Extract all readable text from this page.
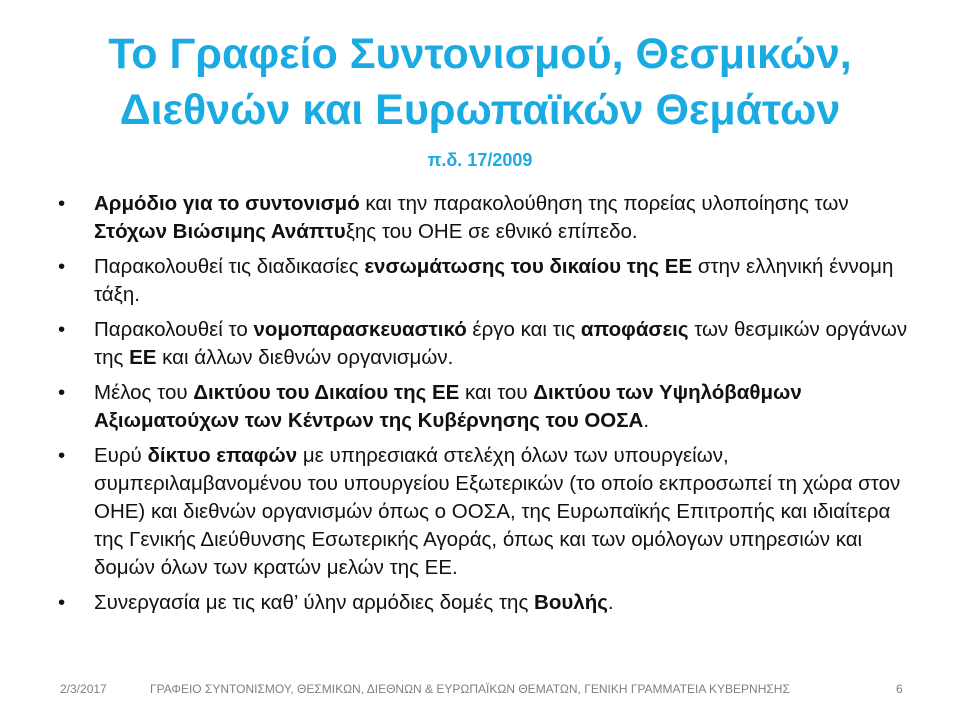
Το Γραφείο Συντονισμού, Θεσμικών,
Διεθνών και Ευρωπαϊκών Θεμάτων
π.δ. 17/2009
• Αρμόδιο για το συντονισμό και την παρακολούθηση της πορείας υλοποίησης των Στόχων Βιώσιμης Ανάπτυξης του ΟΗΕ σε εθνικό επίπεδο.
• Παρακολουθεί τις διαδικασίες ενσωμάτωσης του δικαίου της ΕΕ στην ελληνική έννομη τάξη.
• Παρακολουθεί το νομοπαρασκευαστικό έργο και τις αποφάσεις των θεσμικών οργάνων της ΕΕ και άλλων διεθνών οργανισμών.
• Μέλος του Δικτύου του Δικαίου της ΕΕ και του Δικτύου των Υψηλόβαθμων Αξιωματούχων των Κέντρων της Κυβέρνησης του ΟΟΣΑ.
• Ευρύ δίκτυο επαφών με υπηρεσιακά στελέχη όλων των υπουργείων, συμπεριλαμβανομένου του υπουργείου Εξωτερικών (το οποίο εκπροσωπεί τη χώρα στον ΟΗΕ) και διεθνών οργανισμών όπως ο ΟΟΣΑ, της Ευρωπαϊκής Επιτροπής και ιδιαίτερα της Γενικής Διεύθυνσης Εσωτερικής Αγοράς, όπως και των ομόλογων υπηρεσιών και δομών όλων των κρατών μελών της ΕΕ.
• Συνεργασία με τις καθ’ ύλην αρμόδιες δομές της Βουλής.
2/3/2017	ΓΡΑΦΕΙΟ ΣΥΝΤΟΝΙΣΜΟΥ, ΘΕΣΜΙΚΩΝ, ΔΙΕΘΝΩΝ & ΕΥΡΩΠΑΪΚΩΝ ΘΕΜΑΤΩΝ, ΓΕΝΙΚΗ ΓΡΑΜΜΑΤΕΙΑ ΚΥΒΕΡΝΗΣΗΣ	6
